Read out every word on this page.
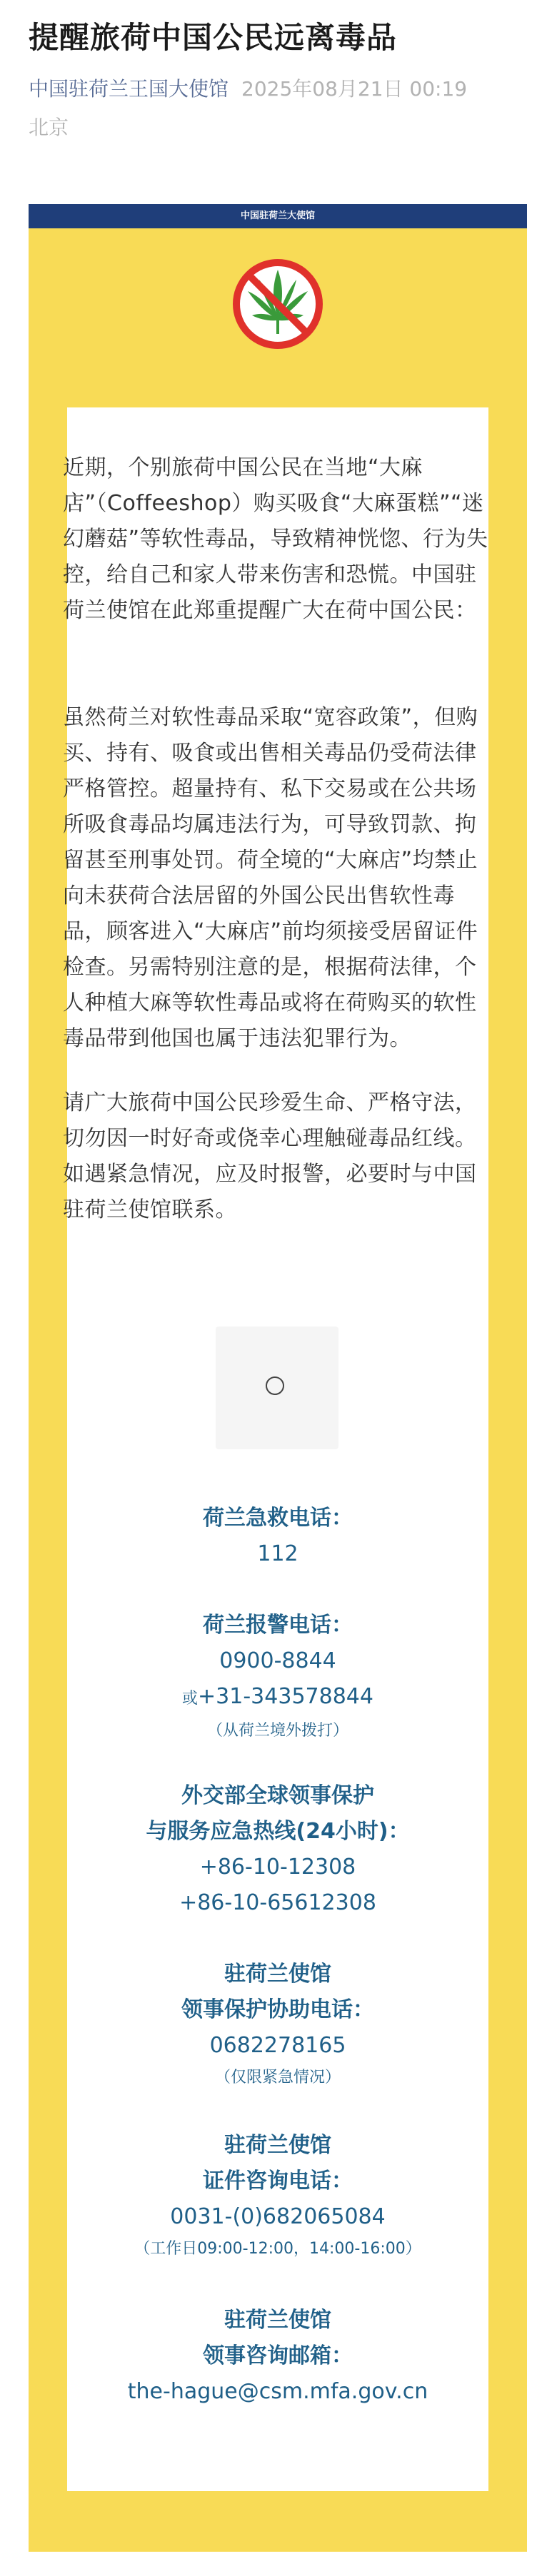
提醒旅荷中国公民远离毒品
中国驻荷兰王国大使馆 2025年08月21日 00:19
北京
中国驻荷兰大使馆

近期，个别旅荷中国公民在当地“大麻店”（Coffeeshop）购买吸食“大麻蛋糕”“迷幻蘑菇”等软性毒品，导致精神恍惚、行为失控，给自己和家人带来伤害和恐慌。中国驻荷兰使馆在此郑重提醒广大在荷中国公民：

虽然荷兰对软性毒品采取“宽容政策”，但购买、持有、吸食或出售相关毒品仍受荷法律严格管控。超量持有、私下交易或在公共场所吸食毒品均属违法行为，可导致罚款、拘留甚至刑事处罚。荷全境的“大麻店”均禁止向未获荷合法居留的外国公民出售软性毒品，顾客进入“大麻店”前均须接受居留证件检查。另需特别注意的是，根据荷法律，个人种植大麻等软性毒品或将在荷购买的软性毒品带到他国也属于违法犯罪行为。

请广大旅荷中国公民珍爱生命、严格守法，切勿因一时好奇或侥幸心理触碰毒品红线。如遇紧急情况，应及时报警，必要时与中国驻荷兰使馆联系。

荷兰急救电话：
112
荷兰报警电话：
0900-8844
或+31-343578844
（从荷兰境外拨打）
外交部全球领事保护
与服务应急热线(24小时)：
+86-10-12308
+86-10-65612308
驻荷兰使馆
领事保护协助电话：
0682278165
（仅限紧急情况）
驻荷兰使馆
证件咨询电话：
0031-(0)682065084
（工作日09:00-12:00，14:00-16:00）
驻荷兰使馆
领事咨询邮箱：
the-hague@csm.mfa.gov.cn
